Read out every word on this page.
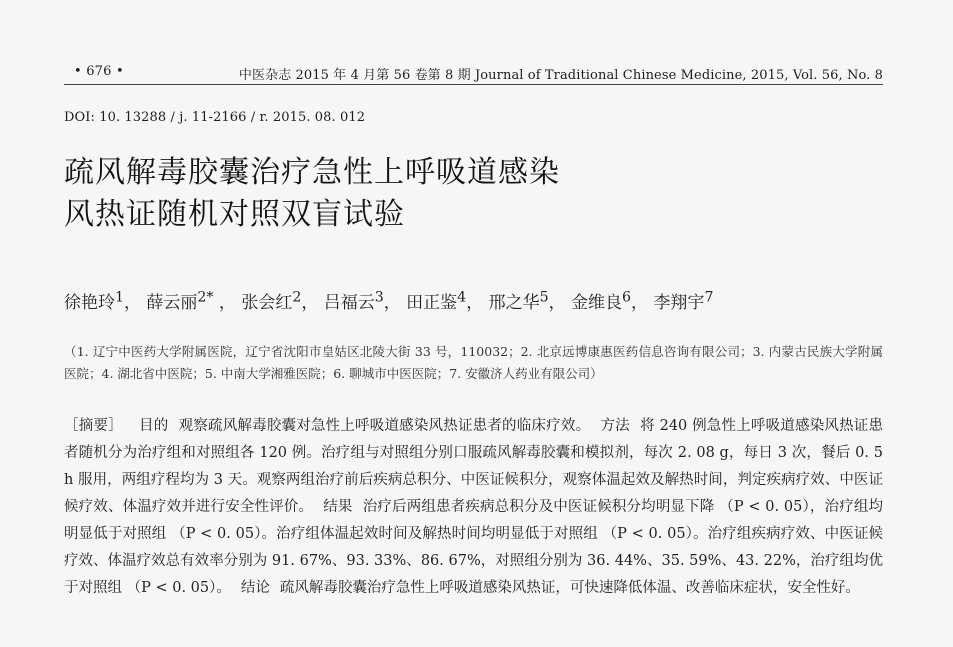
• 676 •	中医杂志 2015 年 4 月第 56 卷第 8 期 Journal of Traditional Chinese Medicine, 2015, Vol. 56, No. 8
DOI: 10. 13288 / j. 11-2166 / r. 2015. 08. 012
疏风解毒胶囊治疗急性上呼吸道感染
风热证随机对照双盲试验
徐艳玲$^1$， 薛云丽$^{2*}$ ， 张会红$^2$， 吕福云$^3$， 田正鉴$^4$， 邢之华$^5$， 金维良$^6$， 李翔宇$^7$
（1. 辽宁中医药大学附属医院，辽宁省沈阳市皇姑区北陵大街 33 号，110032；2. 北京远博康惠医药信息咨询有限公司；3. 内蒙古民族大学附属医院；4. 湖北省中医院；5. 中南大学湘雅医院；6. 聊城市中医医院；7. 安徽济人药业有限公司）
［摘要］ 目的 观察疏风解毒胶囊对急性上呼吸道感染风热证患者的临床疗效。 方法 将 240 例急性上呼吸道感染风热证患者随机分为治疗组和对照组各 120 例。治疗组与对照组分别口服疏风解毒胶囊和模拟剂，每次 2. 08 g，每日 3 次，餐后 0. 5 h 服用，两组疗程均为 3 天。观察两组治疗前后疾病总积分、中医证候积分，观察体温起效及解热时间，判定疾病疗效、中医证候疗效、体温疗效并进行安全性评价。 结果 治疗后两组患者疾病总积分及中医证候积分均明显下降 （P < 0. 05），治疗组均明显低于对照组 （P < 0. 05）。治疗组体温起效时间及解热时间均明显低于对照组 （P < 0. 05）。治疗组疾病疗效、中医证候疗效、体温疗效总有效率分别为 91. 67%、93. 33%、86. 67%，对照组分别为 36. 44%、35. 59%、43. 22%，治疗组均优于对照组 （P < 0. 05）。 结论 疏风解毒胶囊治疗急性上呼吸道感染风热证，可快速降低体温、改善临床症状，安全性好。
